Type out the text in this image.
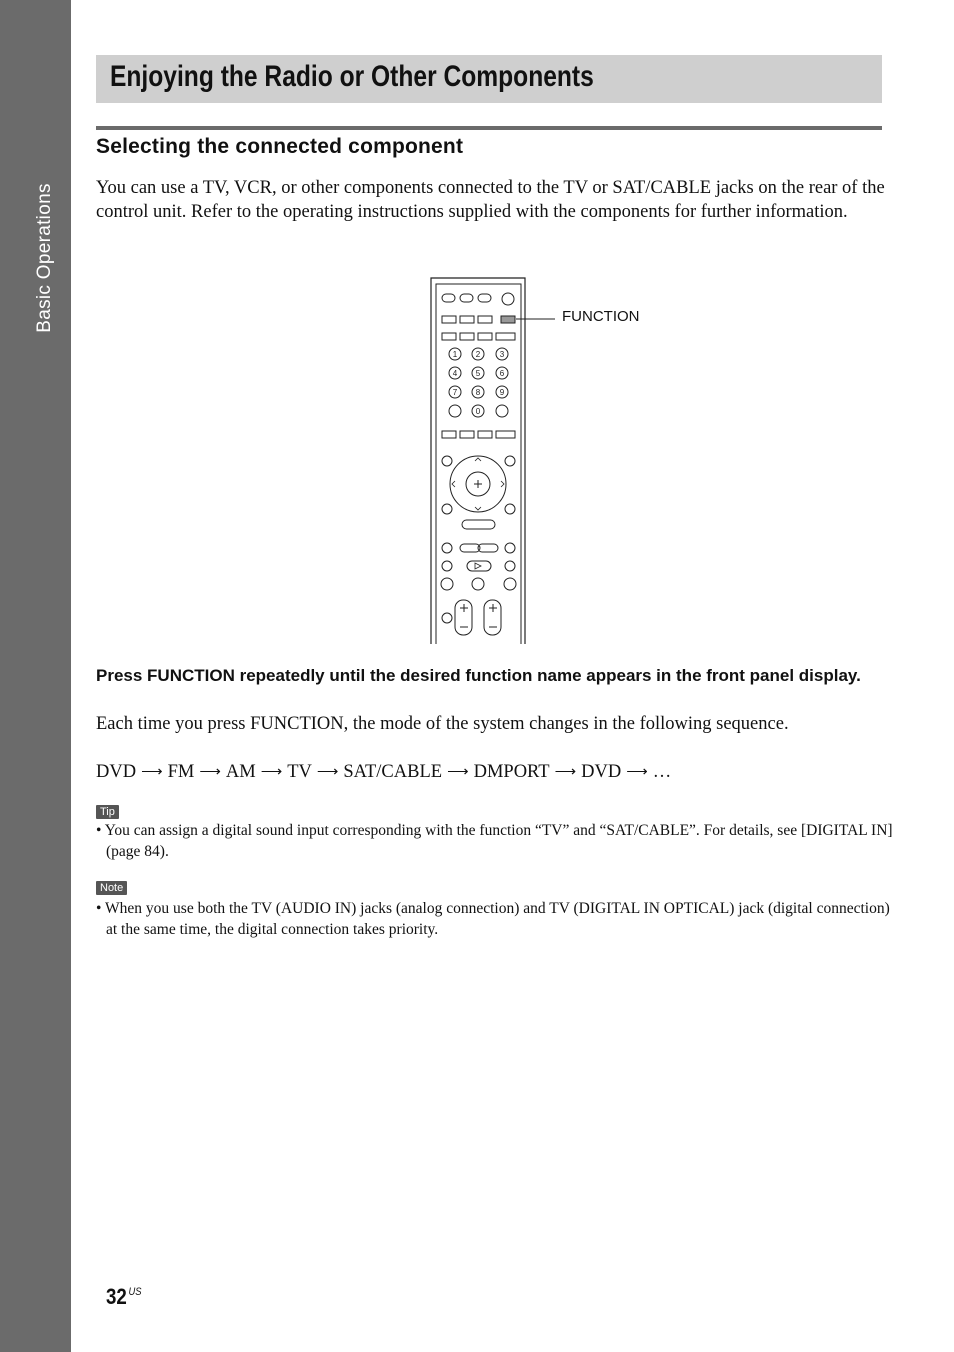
Basic Operations
Enjoying the Radio or Other Components
Selecting the connected component

You can use a TV, VCR, or other components connected to the TV or SAT/CABLE jacks on the rear of the control unit. Refer to the operating instructions supplied with the components for further information.

1 2 3
4 5 6
7 8 9
0
FUNCTION

Press FUNCTION repeatedly until the desired function name appears in the front panel display.

Each time you press FUNCTION, the mode of the system changes in the following sequence.

DVD ⟶ FM ⟶ AM ⟶ TV ⟶ SAT/CABLE ⟶ DMPORT ⟶ DVD ⟶ …

Tip

• You can assign a digital sound input corresponding with the function “TV” and “SAT/CABLE”. For details, see [DIGITAL IN] (page 84).

Note

• When you use both the TV (AUDIO IN) jacks (analog connection) and TV (DIGITAL IN OPTICAL) jack (digital connection) at the same time, the digital connection takes priority.

32 $^{US}$
